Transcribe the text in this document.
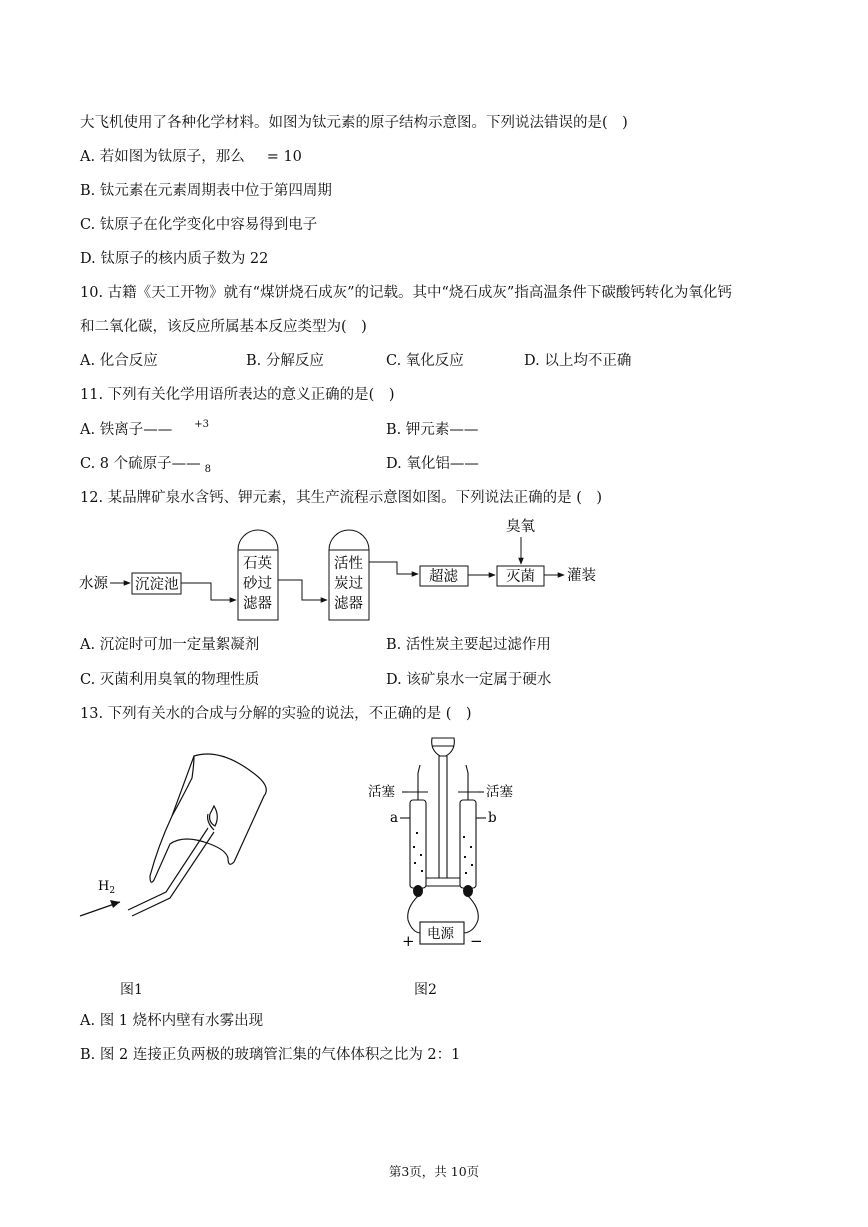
大飞机使用了各种化学材料。如图为钛元素的原子结构示意图。下列说法错误的是(　)
A. 若如图为钛原子，那么 = 10
B. 钛元素在元素周期表中位于第四周期
C. 钛原子在化学变化中容易得到电子
D. 钛原子的核内质子数为 22
10. 古籍《天工开物》就有“煤饼烧石成灰”的记载。其中“烧石成灰”指高温条件下碳酸钙转化为氧化钙
和二氧化碳，该反应所属基本反应类型为(　)
A. 化合反应	B. 分解反应	C. 氧化反应	D. 以上均不正确
11. 下列有关化学用语所表达的意义正确的是(　)
A. 铁离子—— $^{+3}$	B. 钾元素——
C. 8 个硫原子—— $_8$	D. 氧化铝——
12. 某品牌矿泉水含钙、钾元素，其生产流程示意图如图。下列说法正确的是 (　)
水源 沉淀池
石英
砂过
滤器
活性
炭过
滤器
超滤	灭菌
臭氧
灌装
A. 沉淀时可加一定量絮凝剂	B. 活性炭主要起过滤作用
C. 灭菌利用臭氧的物理性质	D. 该矿泉水一定属于硬水
13. 下列有关水的合成与分解的实验的说法，不正确的是 (　)
$H_2$
图1
活塞	活塞
a	b
电源
+	−
图2
A. 图 1 烧杯内壁有水雾出现
B. 图 2 连接正负两极的玻璃管汇集的气体体积之比为 2：1
第3页，共 10页
